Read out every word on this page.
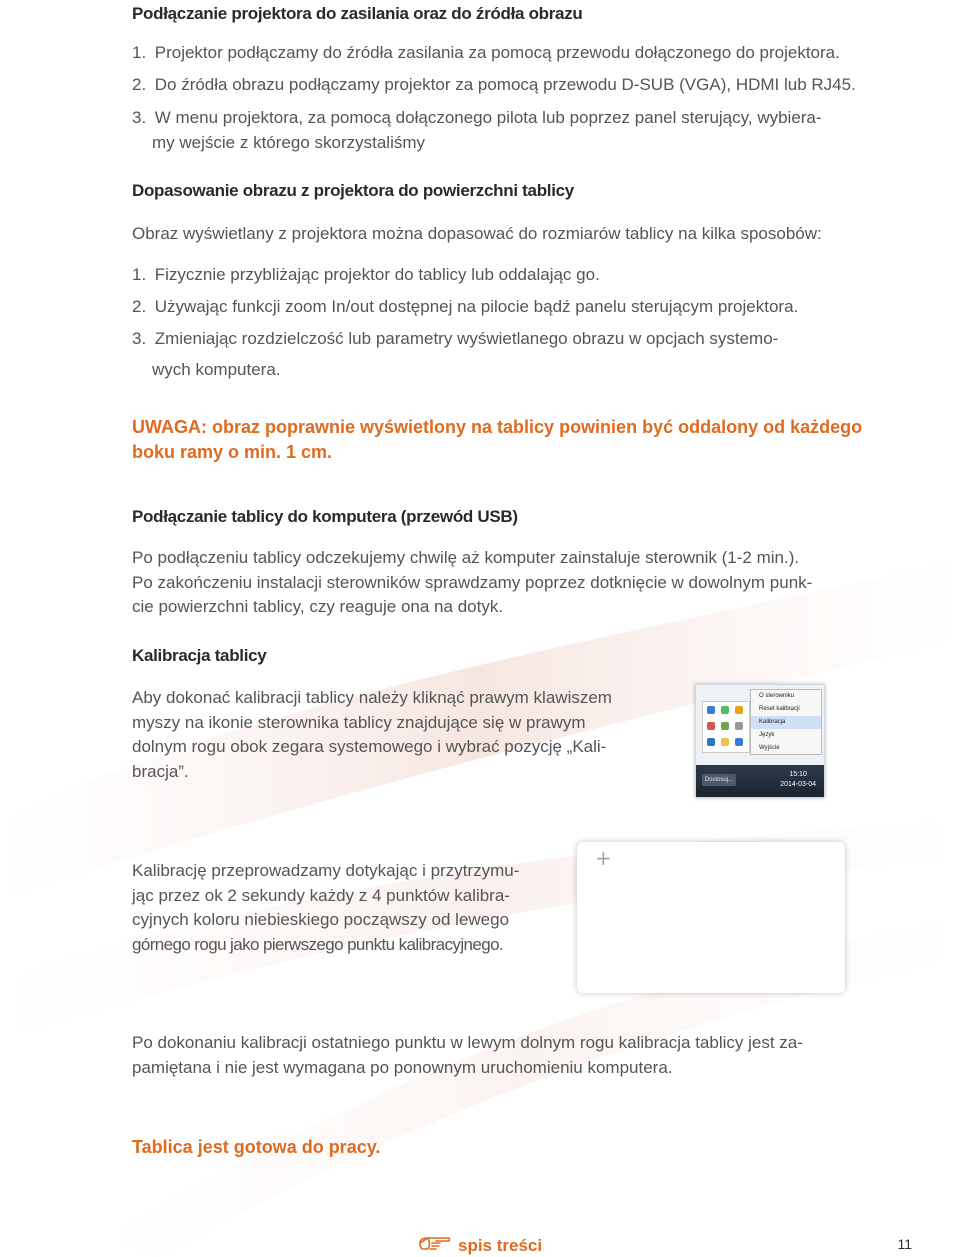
Podłączanie projektora do zasilania oraz do źródła obrazu
1. Projektor podłączamy do źródła zasilania za pomocą przewodu dołączonego do projektora.
2. Do źródła obrazu podłączamy projektor za pomocą przewodu D-SUB (VGA), HDMI lub RJ45.
3. W menu projektora, za pomocą dołączonego pilota lub poprzez panel sterujący, wybiera-
my wejście z którego skorzystaliśmy
Dopasowanie obrazu z projektora do powierzchni tablicy
Obraz wyświetlany z projektora można dopasować do rozmiarów tablicy na kilka sposobów:
1. Fizycznie przybliżając projektor do tablicy lub oddalając go.
2. Używając funkcji zoom In/out dostępnej na pilocie bądź panelu sterującym projektora.
3. Zmieniając rozdzielczość lub parametry wyświetlanego obrazu w opcjach systemo-
wych komputera.
UWAGA: obraz poprawnie wyświetlony na tablicy powinien być oddalony od każdego
boku ramy o min. 1 cm.
Podłączanie tablicy do komputera (przewód USB)
Po podłączeniu tablicy odczekujemy chwilę aż komputer zainstaluje sterownik (1-2 min.).
Po zakończeniu instalacji sterowników sprawdzamy poprzez dotknięcie w dowolnym punk-
cie powierzchni tablicy, czy reaguje ona na dotyk.
Kalibracja tablicy
Aby dokonać kalibracji tablicy należy kliknąć prawym klawiszem
myszy na ikonie sterownika tablicy znajdujące się w prawym
dolnym rogu obok zegara systemowego i wybrać pozycję „Kali-
bracja”.
O sterowniku
Reset kalibracji
Kalibracja
Język
Wyjście
Dostosuj...
15:10
2014-03-04
Kalibrację przeprowadzamy dotykając i przytrzymu-
jąc przez ok 2 sekundy każdy z 4 punktów kalibra-
cyjnych koloru niebieskiego począwszy od lewego
górnego rogu jako pierwszego punktu kalibracyjnego.
+
Po dokonaniu kalibracji ostatniego punktu w lewym dolnym rogu kalibracja tablicy jest za-
pamiętana i nie jest wymagana po ponownym uruchomieniu komputera.
Tablica jest gotowa do pracy.
spis treści	11
